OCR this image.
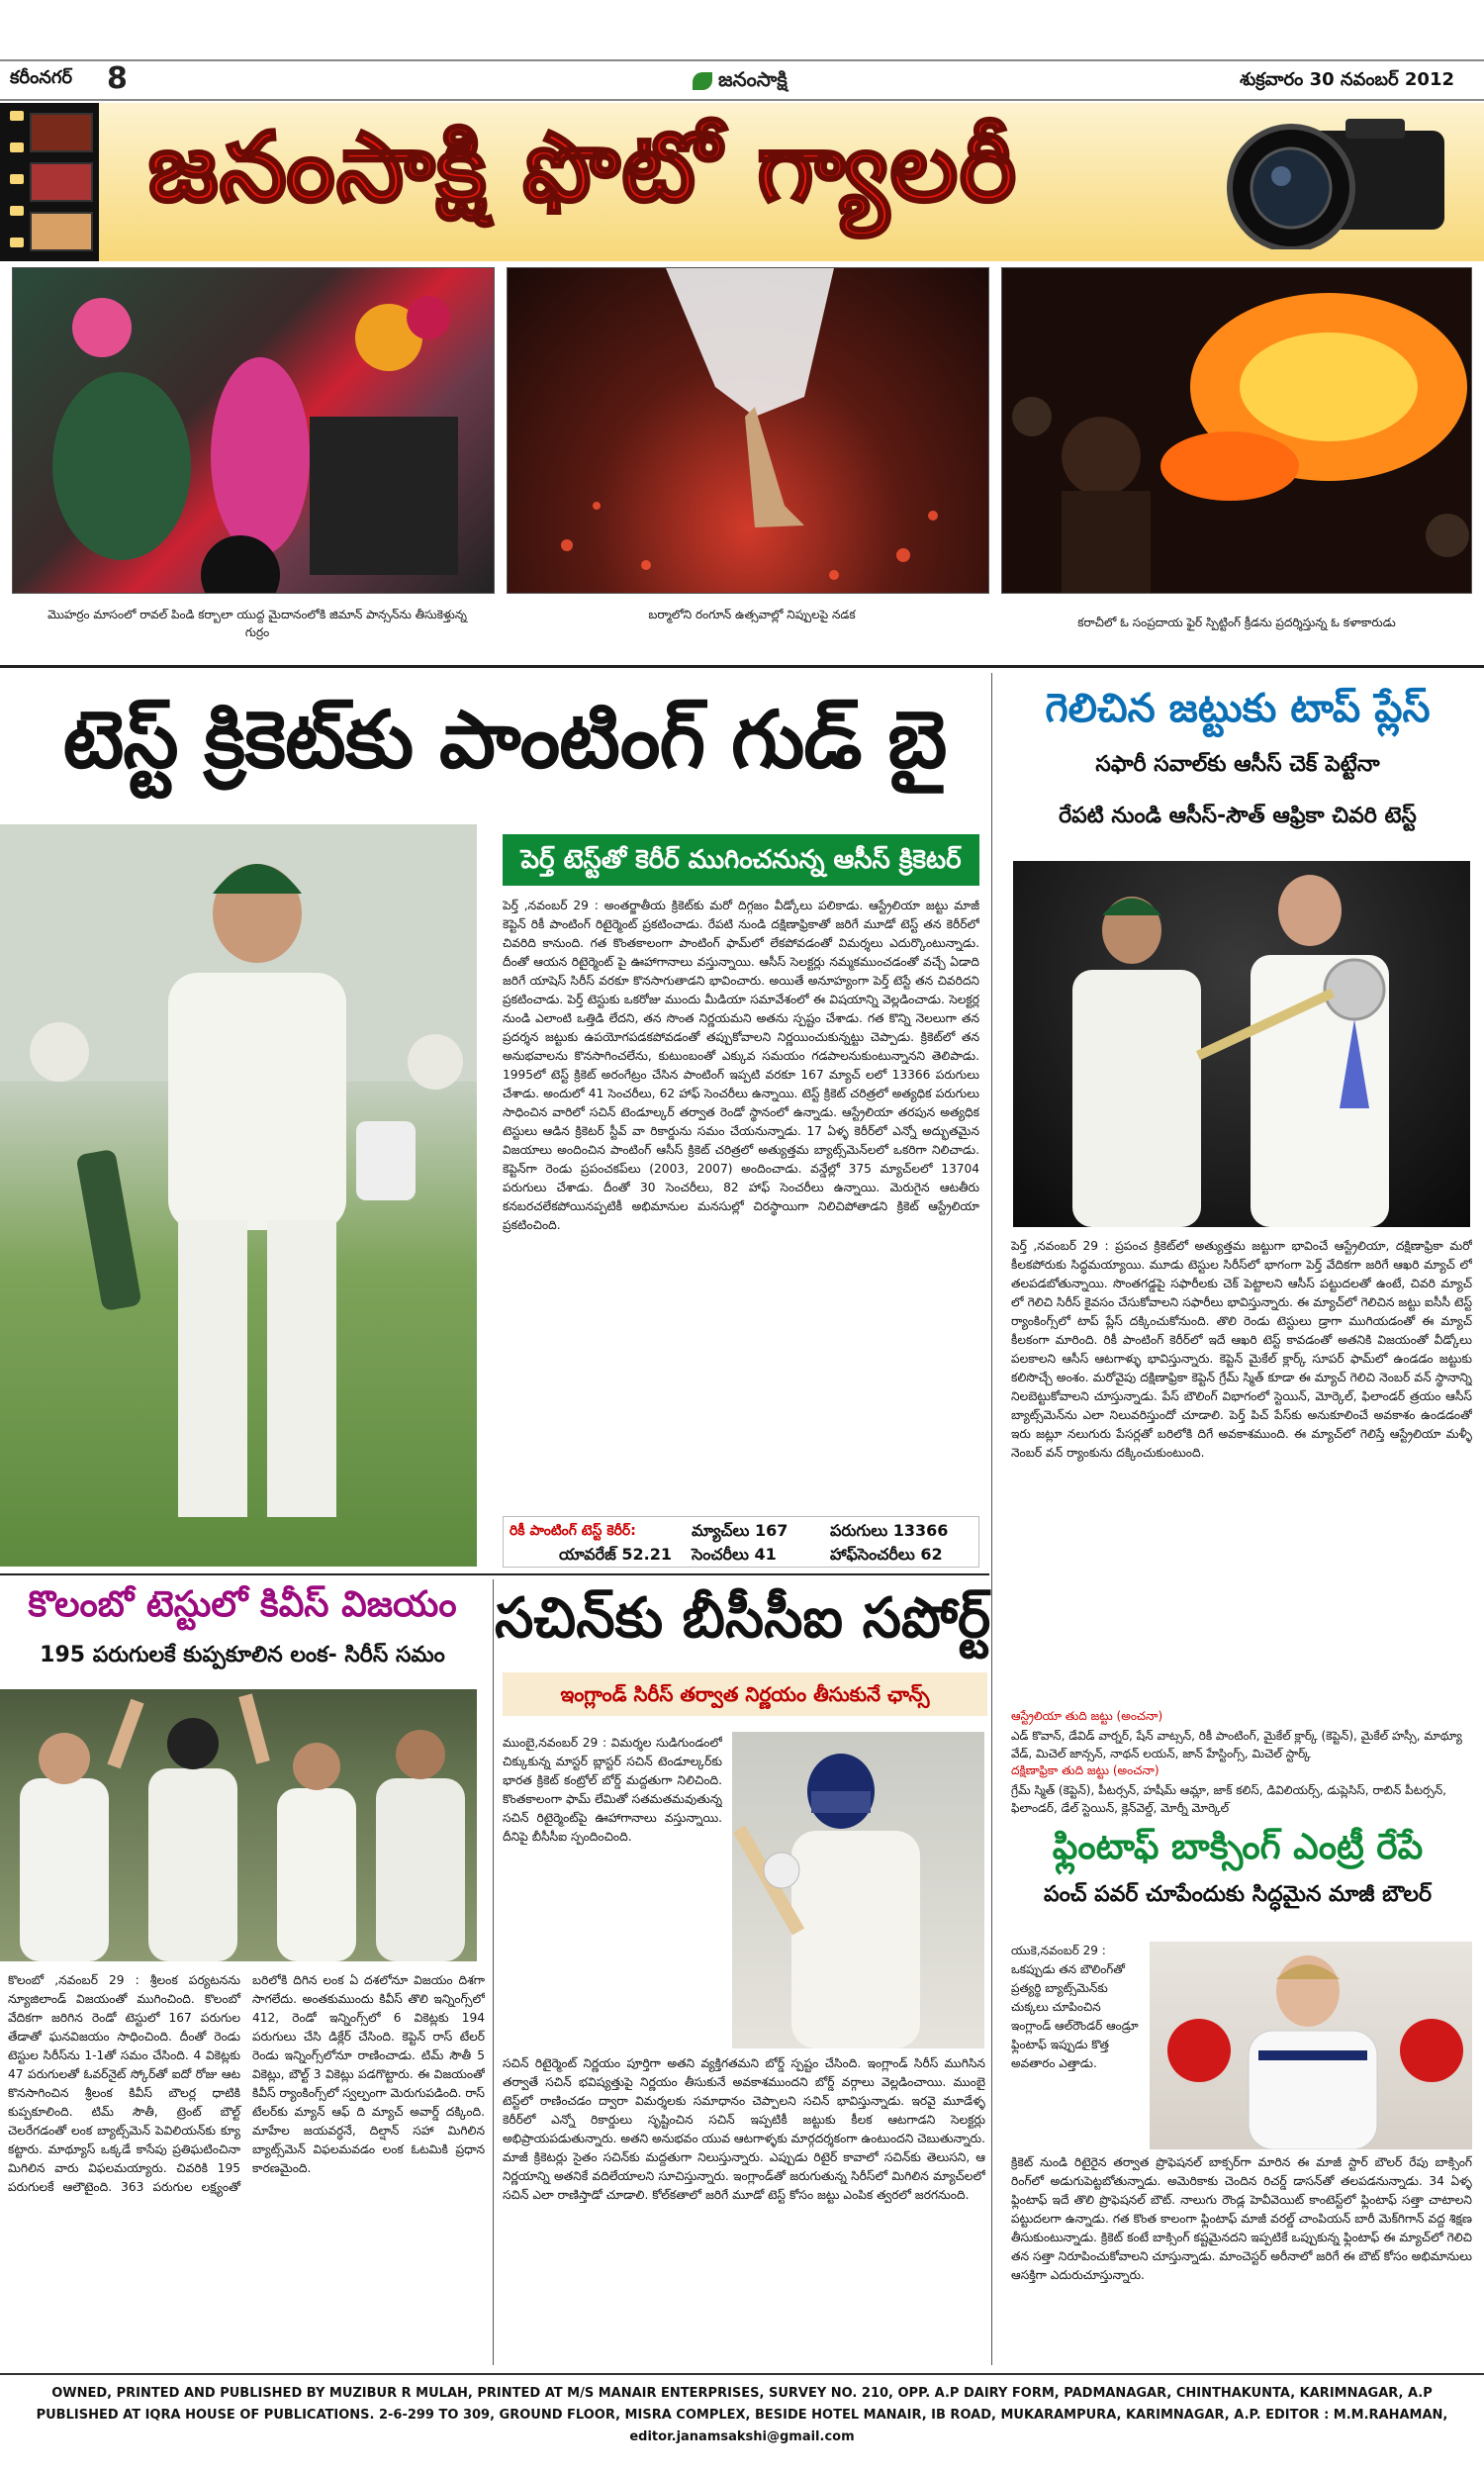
కరీంనగర్ 8	జనంసాక్షి	శుక్రవారం 30 నవంబర్ 2012
జనంసాక్షి ఫొటో గ్యాలరీ
మొహర్రం మాసంలో రావల్ పిండి కర్బాలా యుద్ద మైదానంలోకి జిమాన్ పాన్సన్‌ను తీసుకెళ్తున్న గుర్రం
బర్మాలోని రంగూన్ ఉత్సవాల్లో నిప్పులపై నడక
కరాచీలో ఓ సంప్రదాయ ఫైర్ స్పిట్టింగ్ క్రీడను ప్రదర్శిస్తున్న ఓ కళాకారుడు
టెస్ట్ క్రికెట్‌కు పాంటింగ్ గుడ్ బై
పెర్త్ టెస్ట్‌తో కెరీర్ ముగించనున్న ఆసీస్ క్రికెటర్
పెర్త్ ,నవంబర్ 29 : అంతర్జాతీయ క్రికెట్‌కు మరో దిగ్గజం వీడ్కోలు పలికాడు. ఆస్ట్రేలియా జట్టు మాజీ కెప్టెన్ రికీ పాంటింగ్ రిటైర్మెంట్ ప్రకటించాడు. రేపటి నుండి దక్షిణాఫ్రికాతో జరిగే మూడో టెస్ట్ తన కెరీర్‌లో చివరిది కానుంది. గత కొంతకాలంగా పాంటింగ్ ఫామ్‌లో లేకపోవడంతో విమర్శలు ఎదుర్కొంటున్నాడు. దీంతో ఆయన రిటైర్మెంట్ పై ఊహాగానాలు వస్తున్నాయి. ఆసీస్ సెలక్టర్లు నమ్మకముంచడంతో వచ్చే ఏడాది జరిగే యాషెస్ సిరీస్ వరకూ కొనసాగుతాడని భావించారు. అయితే అనూహ్యంగా పెర్త్ టెస్టే తన చివరిదని ప్రకటించాడు. పెర్త్ టెస్టుకు ఒకరోజు ముందు మీడియా సమావేశంలో ఈ విషయాన్ని వెల్లడించాడు. సెలక్టర్ల నుండి ఎలాంటి ఒత్తిడి లేదని, తన సొంత నిర్ణయమని అతను స్పష్టం చేశాడు. గత కొన్ని నెలలుగా తన ప్రదర్శన జట్టుకు ఉపయోగపడకపోవడంతో తప్పుకోవాలని నిర్ణయించుకున్నట్టు చెప్పాడు. క్రికెట్‌లో తన అనుభవాలను కొనసాగించలేను, కుటుంబంతో ఎక్కువ సమయం గడపాలనుకుంటున్నానని తెలిపాడు. 1995లో టెస్ట్ క్రికెట్ అరంగేట్రం చేసిన పాంటింగ్ ఇప్పటి వరకూ 167 మ్యాచ్ లలో 13366 పరుగులు చేశాడు. అందులో 41 సెంచరీలు, 62 హాఫ్ సెంచరీలు ఉన్నాయి. టెస్ట్ క్రికెట్ చరిత్రలో అత్యధిక పరుగులు సాధించిన వారిలో సచిన్ టెండూల్కర్ తర్వాత రెండో స్థానంలో ఉన్నాడు. ఆస్ట్రేలియా తరపున అత్యధిక టెస్టులు ఆడిన క్రికెటర్ స్టీవ్ వా రికార్డును సమం చేయనున్నాడు. 17 ఏళ్ళ కెరీర్‌లో ఎన్నో అద్భుతమైన విజయాలు అందించిన పాంటింగ్ ఆసీస్ క్రికెట్ చరిత్రలో అత్యుత్తమ బ్యాట్స్‌మెన్‌లలో ఒకరిగా నిలిచాడు. కెప్టెన్‌గా రెండు ప్రపంచకప్‌లు (2003, 2007) అందించాడు. వన్డేల్లో 375 మ్యాచ్‌లలో 13704 పరుగులు చేశాడు. దీంతో 30 సెంచరీలు, 82 హాఫ్ సెంచరీలు ఉన్నాయి. మెరుగైన ఆటతీరు కనబరచలేకపోయినప్పటికీ అభిమానుల మనసుల్లో చిరస్థాయిగా నిలిచిపోతాడని క్రికెట్ ఆస్ట్రేలియా ప్రకటించింది.
రికీ పాంటింగ్ టెస్ట్ కెరీర్:	మ్యాచ్‌లు 167	పరుగులు 13366
యావరేజ్ 52.21 సెంచరీలు 41	హాఫ్‌సెంచరీలు 62
గెలిచిన జట్టుకు టాప్ ప్లేస్
సఫారీ సవాల్‌కు ఆసీస్ చెక్ పెట్టేనా
రేపటి నుండి ఆసీస్-సౌత్ ఆఫ్రికా చివరి టెస్ట్
పెర్త్ ,నవంబర్ 29 : ప్రపంచ క్రికెట్‌లో అత్యుత్తమ జట్టుగా భావించే ఆస్ట్రేలియా, దక్షిణాఫ్రికా మరో కీలకపోరుకు సిద్ధమయ్యాయి. మూడు టెస్టుల సిరీస్‌లో భాగంగా పెర్త్ వేదికగా జరిగే ఆఖరి మ్యాచ్ లో తలపడబోతున్నాయి. సొంతగడ్డపై సఫారీలకు చెక్ పెట్టాలని ఆసీస్ పట్టుదలతో ఉంటే, చివరి మ్యాచ్ లో గెలిచి సిరీస్ కైవసం చేసుకోవాలని సఫారీలు భావిస్తున్నారు. ఈ మ్యాచ్‌లో గెలిచిన జట్టు ఐసీసీ టెస్ట్ ర్యాంకింగ్స్‌లో టాప్ ప్లేస్ దక్కించుకోనుంది. తొలి రెండు టెస్టులు డ్రాగా ముగియడంతో ఈ మ్యాచ్ కీలకంగా మారింది. రికీ పాంటింగ్ కెరీర్‌లో ఇదే ఆఖరి టెస్ట్ కావడంతో అతనికి విజయంతో వీడ్కోలు పలకాలని ఆసీస్ ఆటగాళ్ళు భావిస్తున్నారు. కెప్టెన్ మైకేల్ క్లార్క్ సూపర్ ఫామ్‌లో ఉండడం జట్టుకు కలిసొచ్చే అంశం. మరోవైపు దక్షిణాఫ్రికా కెప్టెన్ గ్రేమ్ స్మిత్ కూడా ఈ మ్యాచ్ గెలిచి నెంబర్ వన్ స్థానాన్ని నిలబెట్టుకోవాలని చూస్తున్నాడు. పేస్ బౌలింగ్ విభాగంలో స్టెయిన్, మోర్కెల్, ఫిలాండర్ త్రయం ఆసీస్ బ్యాట్స్‌మెన్‌ను ఎలా నిలువరిస్తుందో చూడాలి. పెర్త్ పిచ్ పేస్‌కు అనుకూలించే అవకాశం ఉండడంతో ఇరు జట్లూ నలుగురు పేసర్లతో బరిలోకి దిగే అవకాశముంది. ఈ మ్యాచ్‌లో గెలిస్తే ఆస్ట్రేలియా మళ్ళీ నెంబర్ వన్ ర్యాంకును దక్కించుకుంటుంది.
ఆస్ట్రేలియా తుది జట్టు (అంచనా)
ఎడ్ కొవాన్, డేవిడ్ వార్నర్, షేన్ వాట్సన్, రికీ పాంటింగ్, మైకేల్ క్లార్క్ (కెప్టెన్), మైకేల్ హస్సీ, మాథ్యూ వేడ్, మిచెల్ జాన్సన్, నాథన్ లయన్, జాన్ హేస్టింగ్స్, మిచెల్ స్టార్క్
దక్షిణాఫ్రికా తుది జట్టు (అంచనా)
గ్రేమ్ స్మిత్ (కెప్టెన్), పీటర్సన్, హషీమ్ ఆమ్లా, జాక్ కలిస్, డివిలియర్స్, డుప్లెసిస్, రాబిన్ పీటర్సన్, ఫిలాండర్, డేల్ స్టెయిన్, క్లెన్‌వెల్డ్, మోర్నీ మోర్కెల్
ఫ్లింటాఫ్ బాక్సింగ్ ఎంట్రీ రేపే
పంచ్ పవర్ చూపేందుకు సిద్ధమైన మాజీ బౌలర్
యుకె,నవంబర్ 29 : ఒకప్పుడు తన బౌలింగ్‌తో ప్రత్యర్థి బ్యాట్స్‌మెన్‌కు చుక్కలు చూపించిన ఇంగ్లాండ్ ఆల్‌రౌండర్ ఆండ్రూ ఫ్లింటాఫ్ ఇప్పుడు కొత్త అవతారం ఎత్తాడు.
క్రికెట్ నుండి రిటైరైన తర్వాత ప్రొఫెషనల్ బాక్సర్‌గా మారిన ఈ మాజీ స్టార్ బౌలర్ రేపు బాక్సింగ్ రింగ్‌లో అడుగుపెట్టబోతున్నాడు. అమెరికాకు చెందిన రిచర్డ్ డాసన్‌తో తలపడనున్నాడు. 34 ఏళ్ళ ఫ్లింటాఫ్ ఇదే తొలి ప్రొఫెషనల్ బౌట్. నాలుగు రౌండ్ల హెవీవెయిట్ కాంటెస్ట్‌లో ఫ్లింటాఫ్ సత్తా చాటాలని పట్టుదలగా ఉన్నాడు. గత కొంత కాలంగా ఫ్లింటాఫ్ మాజీ వరల్డ్ చాంపియన్ బారీ మెక్‌గిగాన్ వద్ద శిక్షణ తీసుకుంటున్నాడు. క్రికెట్ కంటే బాక్సింగ్ కష్టమైనదని ఇప్పటికే ఒప్పుకున్న ఫ్లింటాఫ్ ఈ మ్యాచ్‌లో గెలిచి తన సత్తా నిరూపించుకోవాలని చూస్తున్నాడు. మాంచెస్టర్ అరీనాలో జరిగే ఈ బౌట్ కోసం అభిమానులు ఆసక్తిగా ఎదురుచూస్తున్నారు.
కొలంబో టెస్టులో కివీస్ విజయం
195 పరుగులకే కుప్పకూలిన లంక- సిరీస్ సమం
కొలంబో ,నవంబర్ 29 : శ్రీలంక పర్యటనను న్యూజిలాండ్ విజయంతో ముగించింది. కొలంబో వేదికగా జరిగిన రెండో టెస్టులో 167 పరుగుల తేడాతో ఘనవిజయం సాధించింది. దీంతో రెండు టెస్టుల సిరీస్‌ను 1-1తో సమం చేసింది. 4 వికెట్లకు 47 పరుగులతో ఓవర్‌నైట్ స్కోర్‌తో ఐదో రోజు ఆట కొనసాగించిన శ్రీలంక కివీస్ బౌలర్ల ధాటికి కుప్పకూలింది. టిమ్ సౌతీ, ట్రెంట్ బౌల్ట్ చెలరేగడంతో లంక బ్యాట్స్‌మెన్ పెవిలియన్‌కు క్యూ కట్టారు. మాథ్యూస్ ఒక్కడే కాసేపు ప్రతిఘటించినా మిగిలిన వారు విఫలమయ్యారు. చివరికి 195 పరుగులకే ఆలౌటైంది. 363 పరుగుల లక్ష్యంతో బరిలోకి దిగిన లంక ఏ దశలోనూ విజయం దిశగా సాగలేదు. అంతకుముందు కివీస్ తొలి ఇన్నింగ్స్‌లో 412, రెండో ఇన్నింగ్స్‌లో 6 వికెట్లకు 194 పరుగులు చేసి డిక్లేర్ చేసింది. కెప్టెన్ రాస్ టేలర్ రెండు ఇన్నింగ్స్‌లోనూ రాణించాడు. టిమ్ సౌతీ 5 వికెట్లు, బౌల్ట్ 3 వికెట్లు పడగొట్టారు. ఈ విజయంతో కివీస్ ర్యాంకింగ్స్‌లో స్వల్పంగా మెరుగుపడింది. రాస్ టేలర్‌కు మ్యాన్ ఆఫ్ ది మ్యాచ్ అవార్డ్ దక్కింది. మాహేల జయవర్ధనే, దిల్షాన్ సహా మిగిలిన బ్యాట్స్‌మెన్ విఫలమవడం లంక ఓటమికి ప్రధాన కారణమైంది.
సచిన్‌కు బీసీసీఐ సపోర్ట్
ఇంగ్లాండ్ సిరీస్ తర్వాత నిర్ణయం తీసుకునే ఛాన్స్
ముంబై,నవంబర్ 29 : విమర్శల సుడిగుండంలో చిక్కుకున్న మాస్టర్ బ్లాస్టర్ సచిన్ టెండూల్కర్‌కు భారత క్రికెట్ కంట్రోల్ బోర్డ్ మద్దతుగా నిలిచింది. కొంతకాలంగా ఫామ్ లేమితో సతమతమవుతున్న సచిన్ రిటైర్మెంట్‌పై ఊహాగానాలు వస్తున్నాయి. దీనిపై బీసీసీఐ స్పందించింది.
సచిన్ రిటైర్మెంట్ నిర్ణయం పూర్తిగా అతని వ్యక్తిగతమని బోర్డ్ స్పష్టం చేసింది. ఇంగ్లాండ్ సిరీస్ ముగిసిన తర్వాతే సచిన్ భవిష్యత్తుపై నిర్ణయం తీసుకునే అవకాశముందని బోర్డ్ వర్గాలు వెల్లడించాయి. ముంబై టెస్ట్‌లో రాణించడం ద్వారా విమర్శలకు సమాధానం చెప్పాలని సచిన్ భావిస్తున్నాడు. ఇరవై మూడేళ్ళ కెరీర్‌లో ఎన్నో రికార్డులు సృష్టించిన సచిన్ ఇప్పటికీ జట్టుకు కీలక ఆటగాడని సెలక్టర్లు అభిప్రాయపడుతున్నారు. అతని అనుభవం యువ ఆటగాళ్ళకు మార్గదర్శకంగా ఉంటుందని చెబుతున్నారు. మాజీ క్రికెటర్లు సైతం సచిన్‌కు మద్దతుగా నిలుస్తున్నారు. ఎప్పుడు రిటైర్ కావాలో సచిన్‌కు తెలుసని, ఆ నిర్ణయాన్ని అతనికే వదిలేయాలని సూచిస్తున్నారు. ఇంగ్లాండ్‌తో జరుగుతున్న సిరీస్‌లో మిగిలిన మ్యాచ్‌లలో సచిన్ ఎలా రాణిస్తాడో చూడాలి. కోల్‌కతాలో జరిగే మూడో టెస్ట్ కోసం జట్టు ఎంపిక త్వరలో జరగనుంది.
OWNED, PRINTED AND PUBLISHED BY MUZIBUR R MULAH, PRINTED AT M/S MANAIR ENTERPRISES, SURVEY NO. 210, OPP. A.P DAIRY FORM, PADMANAGAR, CHINTHAKUNTA, KARIMNAGAR, A.P
PUBLISHED AT IQRA HOUSE OF PUBLICATIONS. 2-6-299 TO 309, GROUND FLOOR, MISRA COMPLEX, BESIDE HOTEL MANAIR, IB ROAD, MUKARAMPURA, KARIMNAGAR, A.P. EDITOR : M.M.RAHAMAN, editor.janamsakshi@gmail.com
